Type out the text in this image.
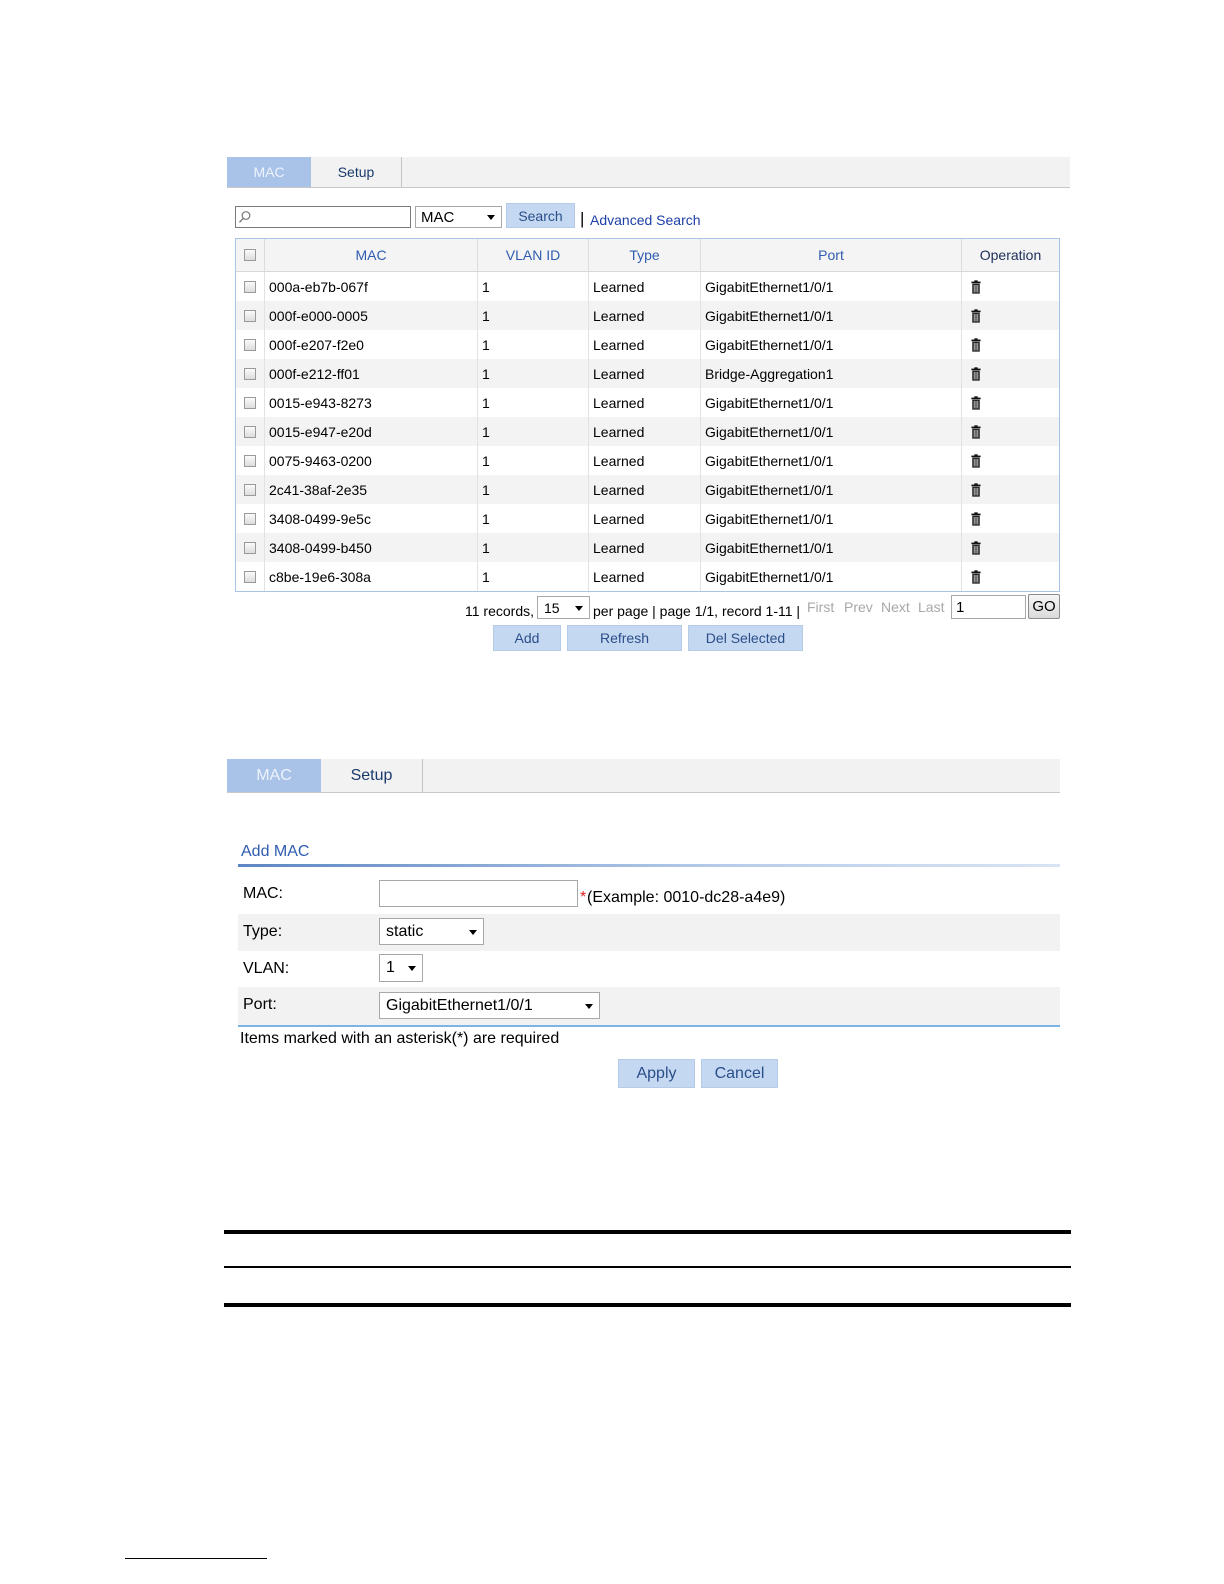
MAC	Setup
MAC	Search | Advanced Search
MAC	VLAN ID	Type	Port	Operation
000a-eb7b-067f	1	Learned	GigabitEthernet1/0/1
000f-e000-0005	1	Learned	GigabitEthernet1/0/1
000f-e207-f2e0	1	Learned	GigabitEthernet1/0/1
000f-e212-ff01	1	Learned	Bridge-Aggregation1
0015-e943-8273	1	Learned	GigabitEthernet1/0/1
0015-e947-e20d	1	Learned	GigabitEthernet1/0/1
0075-9463-0200	1	Learned	GigabitEthernet1/0/1
2c41-38af-2e35	1	Learned	GigabitEthernet1/0/1
3408-0499-9e5c	1	Learned	GigabitEthernet1/0/1
3408-0499-b450	1	Learned	GigabitEthernet1/0/1
c8be-19e6-308a	1	Learned	GigabitEthernet1/0/1
11 records, 15 per page | page 1/1, record 1-11 | First Prev Next Last 1	GO
Add	Refresh	Del Selected
MAC	Setup
Add MAC
MAC:	* (Example: 0010-dc28-a4e9)
Type:	static
VLAN:	1
Port:	GigabitEthernet1/0/1
Items marked with an asterisk(*) are required
Apply Cancel
